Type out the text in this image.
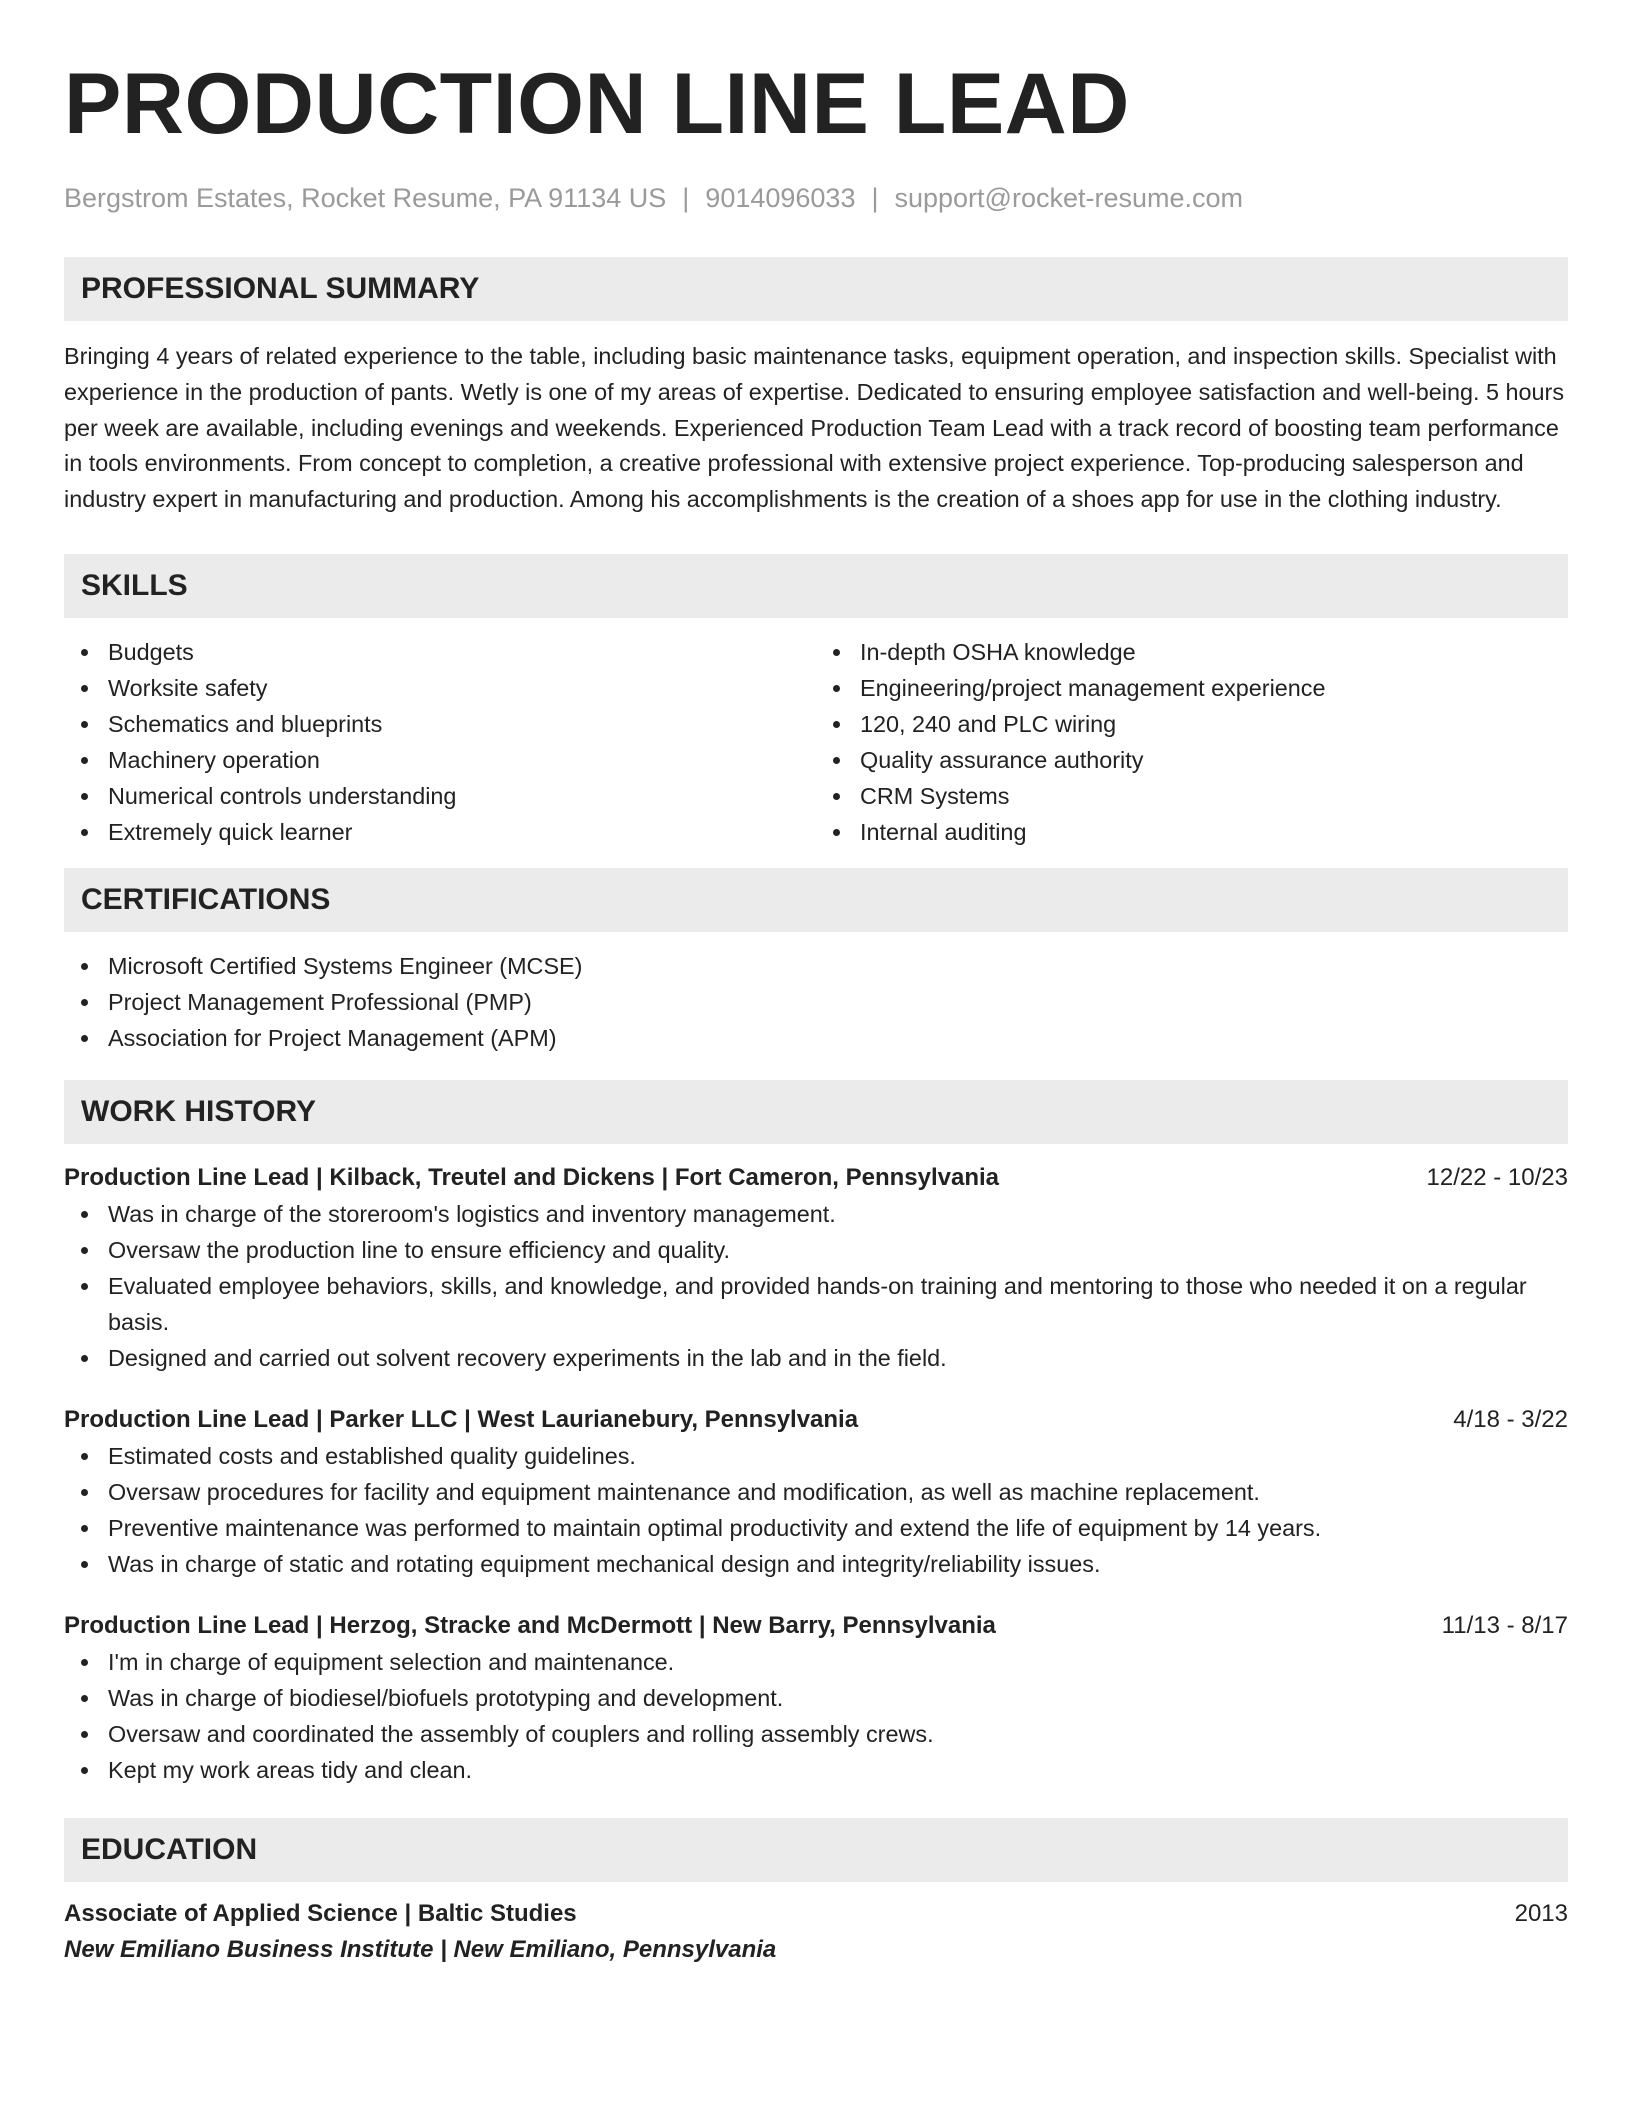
PRODUCTION LINE LEAD
Bergstrom Estates, Rocket Resume, PA 91134 US | 9014096033 | support@rocket-resume.com
PROFESSIONAL SUMMARY

Bringing 4 years of related experience to the table, including basic maintenance tasks, equipment operation, and inspection skills. Specialist with experience in the production of pants. Wetly is one of my areas of expertise. Dedicated to ensuring employee satisfaction and well-being. 5 hours per week are available, including evenings and weekends. Experienced Production Team Lead with a track record of boosting team performance in tools environments. From concept to completion, a creative professional with extensive project experience. Top-producing salesperson and industry expert in manufacturing and production. Among his accomplishments is the creation of a shoes app for use in the clothing industry.

SKILLS
Budgets
Worksite safety
Schematics and blueprints
Machinery operation
Numerical controls understanding
Extremely quick learner
In-depth OSHA knowledge
Engineering/project management experience
120, 240 and PLC wiring
Quality assurance authority
CRM Systems
Internal auditing
CERTIFICATIONS
Microsoft Certified Systems Engineer (MCSE)
Project Management Professional (PMP)
Association for Project Management (APM)
WORK HISTORY
Production Line Lead | Kilback, Treutel and Dickens | Fort Cameron, Pennsylvania	12/22 - 10/23
Was in charge of the storeroom's logistics and inventory management.
Oversaw the production line to ensure efficiency and quality.
Evaluated employee behaviors, skills, and knowledge, and provided hands-on training and mentoring to those who needed it on a regular basis.
Designed and carried out solvent recovery experiments in the lab and in the field.
Production Line Lead | Parker LLC | West Laurianebury, Pennsylvania	4/18 - 3/22
Estimated costs and established quality guidelines.
Oversaw procedures for facility and equipment maintenance and modification, as well as machine replacement.
Preventive maintenance was performed to maintain optimal productivity and extend the life of equipment by 14 years.
Was in charge of static and rotating equipment mechanical design and integrity/reliability issues.
Production Line Lead | Herzog, Stracke and McDermott | New Barry, Pennsylvania	11/13 - 8/17
I'm in charge of equipment selection and maintenance.
Was in charge of biodiesel/biofuels prototyping and development.
Oversaw and coordinated the assembly of couplers and rolling assembly crews.
Kept my work areas tidy and clean.
EDUCATION
Associate of Applied Science | Baltic Studies	2013
New Emiliano Business Institute | New Emiliano, Pennsylvania
